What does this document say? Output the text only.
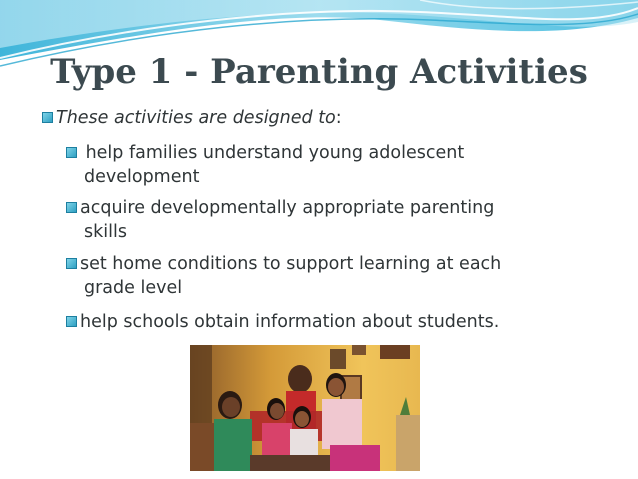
Type 1 - Parenting Activities
These activities are designed to:
help families understand young adolescent
development
acquire developmentally appropriate parenting
skills
set home conditions to support learning at each
grade level
help schools obtain information about students.
